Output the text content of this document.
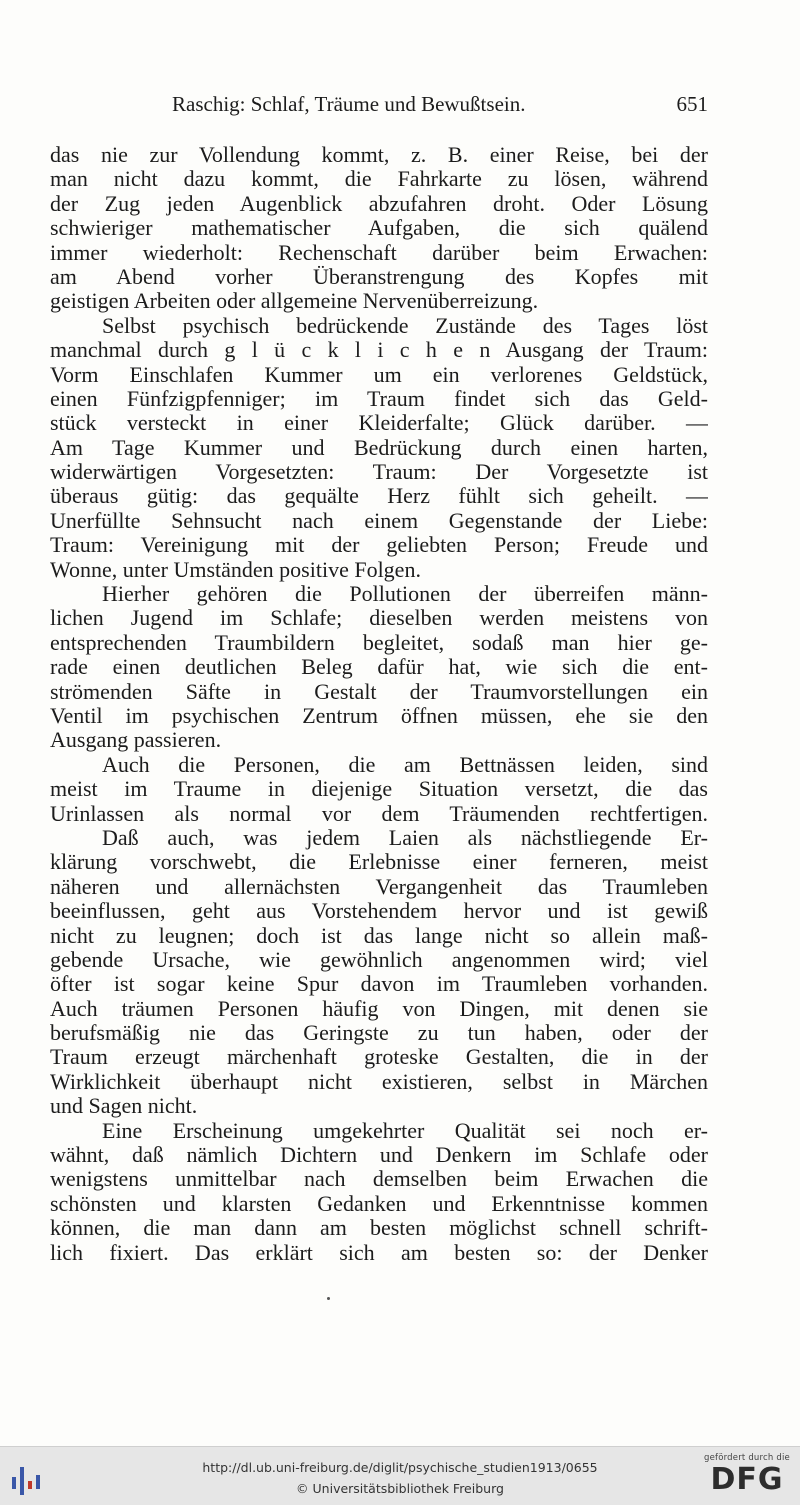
Raschig: Schlaf, Träume und Bewußtsein.	651
das nie zur Vollendung kommt, z. B. einer Reise, bei der
man nicht dazu kommt, die Fahrkarte zu lösen, während
der Zug jeden Augenblick abzufahren droht. Oder Lösung
schwieriger mathematischer Aufgaben, die sich quälend
immer wiederholt: Rechenschaft darüber beim Erwachen:
am Abend vorher Überanstrengung des Kopfes mit
geistigen Arbeiten oder allgemeine Nervenüberreizung.
Selbst psychisch bedrückende Zustände des Tages löst
manchmal durch g l ü c k l i c h e n Ausgang der Traum:
Vorm Einschlafen Kummer um ein verlorenes Geldstück,
einen Fünfzigpfenniger; im Traum findet sich das Geld-
stück versteckt in einer Kleiderfalte; Glück darüber. —
Am Tage Kummer und Bedrückung durch einen harten,
widerwärtigen Vorgesetzten: Traum: Der Vorgesetzte ist
überaus gütig: das gequälte Herz fühlt sich geheilt. —
Unerfüllte Sehnsucht nach einem Gegenstande der Liebe:
Traum: Vereinigung mit der geliebten Person; Freude und
Wonne, unter Umständen positive Folgen.
Hierher gehören die Pollutionen der überreifen männ-
lichen Jugend im Schlafe; dieselben werden meistens von
entsprechenden Traumbildern begleitet, sodaß man hier ge-
rade einen deutlichen Beleg dafür hat, wie sich die ent-
strömenden Säfte in Gestalt der Traumvorstellungen ein
Ventil im psychischen Zentrum öffnen müssen, ehe sie den
Ausgang passieren.
Auch die Personen, die am Bettnässen leiden, sind
meist im Traume in diejenige Situation versetzt, die das
Urinlassen als normal vor dem Träumenden rechtfertigen.
Daß auch, was jedem Laien als nächstliegende Er-
klärung vorschwebt, die Erlebnisse einer ferneren, meist
näheren und allernächsten Vergangenheit das Traumleben
beeinflussen, geht aus Vorstehendem hervor und ist gewiß
nicht zu leugnen; doch ist das lange nicht so allein maß-
gebende Ursache, wie gewöhnlich angenommen wird; viel
öfter ist sogar keine Spur davon im Traumleben vorhanden.
Auch träumen Personen häufig von Dingen, mit denen sie
berufsmäßig nie das Geringste zu tun haben, oder der
Traum erzeugt märchenhaft groteske Gestalten, die in der
Wirklichkeit überhaupt nicht existieren, selbst in Märchen
und Sagen nicht.
Eine Erscheinung umgekehrter Qualität sei noch er-
wähnt, daß nämlich Dichtern und Denkern im Schlafe oder
wenigstens unmittelbar nach demselben beim Erwachen die
schönsten und klarsten Gedanken und Erkenntnisse kommen
können, die man dann am besten möglichst schnell schrift-
lich fixiert. Das erklärt sich am besten so: der Denker
http://dl.ub.uni-freiburg.de/diglit/psychische_studien1913/0655
© Universitätsbibliothek Freiburg
gefördert durch die
DFG
